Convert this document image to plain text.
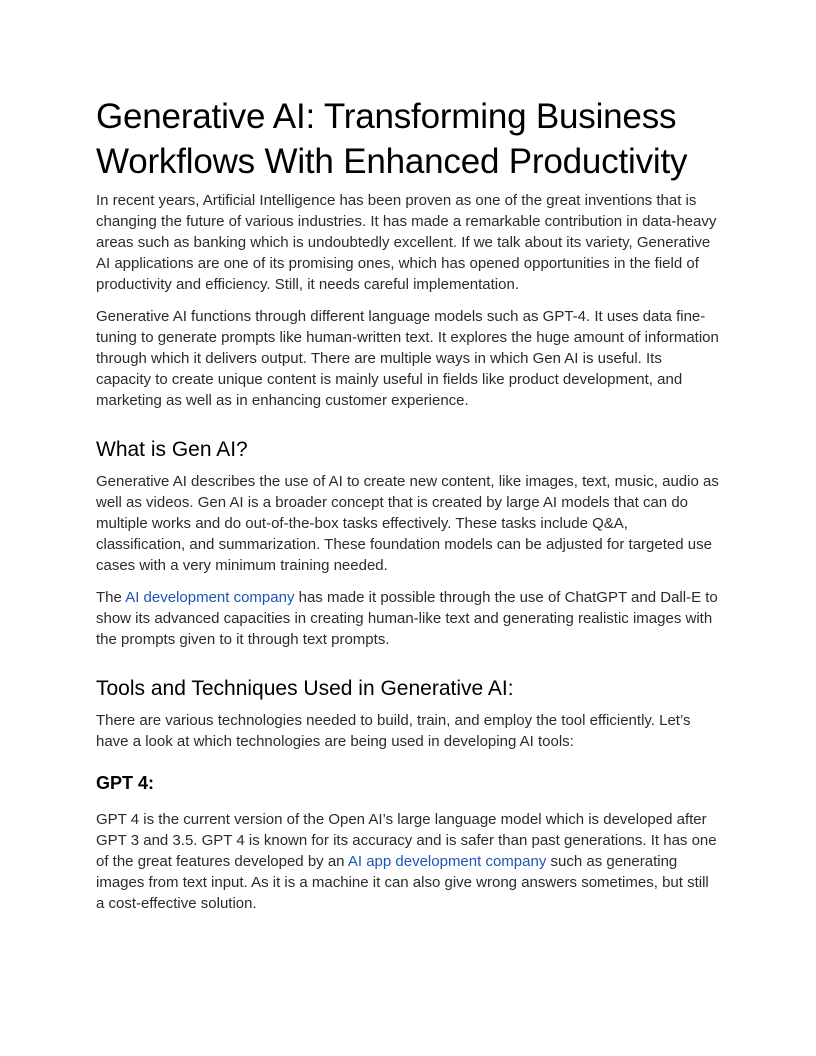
Generative AI: Transforming Business Workflows With Enhanced Productivity

In recent years, Artificial Intelligence has been proven as one of the great inventions that is changing the future of various industries. It has made a remarkable contribution in data-heavy areas such as banking which is undoubtedly excellent. If we talk about its variety, Generative AI applications are one of its promising ones, which has opened opportunities in the field of productivity and efficiency. Still, it needs careful implementation.

Generative AI functions through different language models such as GPT-4. It uses data fine-tuning to generate prompts like human-written text. It explores the huge amount of information through which it delivers output. There are multiple ways in which Gen AI is useful. Its capacity to create unique content is mainly useful in fields like product development, and marketing as well as in enhancing customer experience.

What is Gen AI?

Generative AI describes the use of AI to create new content, like images, text, music, audio as well as videos. Gen AI is a broader concept that is created by large AI models that can do multiple works and do out-of-the-box tasks effectively. These tasks include Q&A, classification, and summarization. These foundation models can be adjusted for targeted use cases with a very minimum training needed.

The AI development company has made it possible through the use of ChatGPT and Dall-E to show its advanced capacities in creating human-like text and generating realistic images with the prompts given to it through text prompts.

Tools and Techniques Used in Generative AI:

There are various technologies needed to build, train, and employ the tool efficiently. Let’s have a look at which technologies are being used in developing AI tools:

GPT 4:

GPT 4 is the current version of the Open AI’s large language model which is developed after GPT 3 and 3.5. GPT 4 is known for its accuracy and is safer than past generations. It has one of the great features developed by an AI app development company such as generating images from text input. As it is a machine it can also give wrong answers sometimes, but still a cost-effective solution.
